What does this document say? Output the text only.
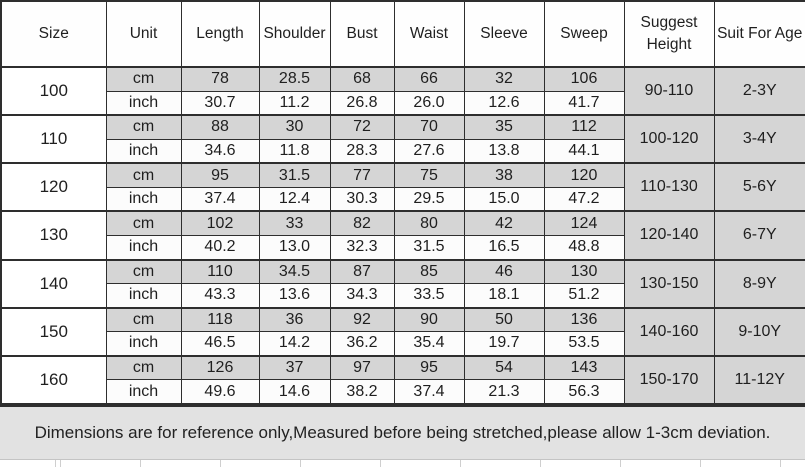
Size	Unit	Length	Shoulder	Bust	Waist	Sleeve	Sweep	Suggest Height	Suit For Age
100	cm	78	28.5	68	66	32	106	90-110	2-3Y
	inch	30.7	11.2	26.8	26.0	12.6	41.7		
110	cm	88	30	72	70	35	112	100-120	3-4Y
	inch	34.6	11.8	28.3	27.6	13.8	44.1		
120	cm	95	31.5	77	75	38	120	110-130	5-6Y
	inch	37.4	12.4	30.3	29.5	15.0	47.2		
130	cm	102	33	82	80	42	124	120-140	6-7Y
	inch	40.2	13.0	32.3	31.5	16.5	48.8		
140	cm	110	34.5	87	85	46	130	130-150	8-9Y
	inch	43.3	13.6	34.3	33.5	18.1	51.2		
150	cm	118	36	92	90	50	136	140-160	9-10Y
	inch	46.5	14.2	36.2	35.4	19.7	53.5		
160	cm	126	37	97	95	54	143	150-170	11-12Y
	inch	49.6	14.6	38.2	37.4	21.3	56.3		
Dimensions are for reference only,Measured before being stretched,please allow 1-3cm deviation.
